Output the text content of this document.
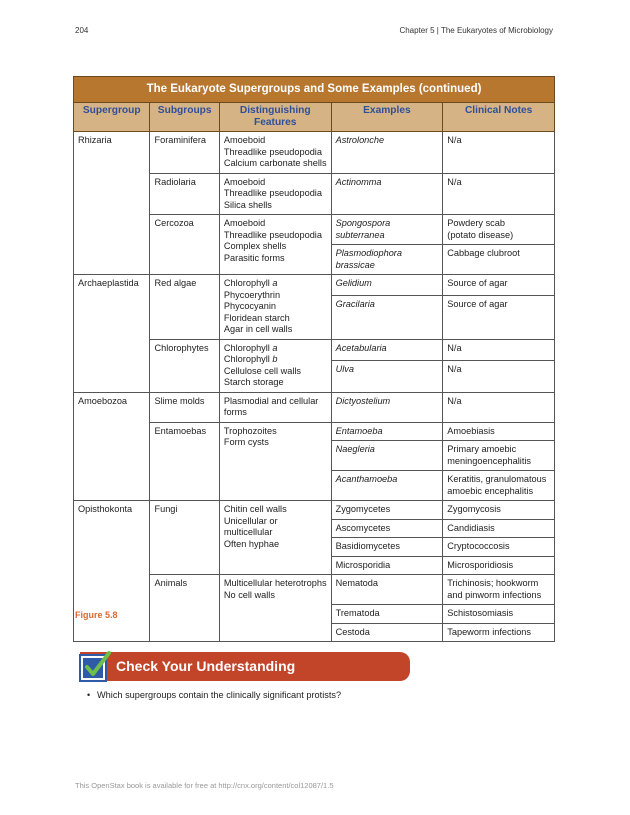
204	Chapter 5 | The Eukaryotes of Microbiology
The Eukaryote Supergroups and Some Examples (continued)				
Supergroup	Subgroups	Distinguishing Features	Examples	Clinical Notes
Rhizaria	Foraminifera	Amoeboid
Threadlike pseudopodia
Calcium carbonate shells	Astrolonche	N/a
	Radiolaria	Amoeboid
Threadlike pseudopodia
Silica shells	Actinomma	N/a
	Cercozoa	Amoeboid
Threadlike pseudopodia
Complex shells
Parasitic forms	Spongospora
subterranea	Powdery scab
(potato disease)

			Plasmodiophora
brassicae	Cabbage clubroot
Archaeplastida	Red algae	Chlorophyll a
Phycoerythrin
Phycocyanin
Floridean starch
Agar in cell walls	Gelidium	Source of agar
			Gracilaria	Source of agar
	Chlorophytes	Chlorophyll a
Chlorophyll b
Cellulose cell walls
Starch storage	Acetabularia	N/a
			Ulva	N/a
Amoebozoa	Slime molds	Plasmodial and cellular
forms	Dictyostelium	N/a
	Entamoebas	Trophozoites
Form cysts	Entamoeba	Amoebiasis
			Naegleria	Primary amoebic
meningoencephalitis

			Acanthamoeba	Keratitis, granulomatous
amoebic encephalitis

Opisthokonta	Fungi	Chitin cell walls
Unicellular or
multicellular
Often hyphae	Zygomycetes	Zygomycosis
			Ascomycetes	Candidiasis
			Basidiomycetes	Cryptococcosis
			Microsporidia	Microsporidiosis
	Animals	Multicellular heterotrophs
No cell walls	Nematoda	Trichinosis; hookworm
and pinworm infections

			Trematoda	Schistosomiasis
			Cestoda	Tapeworm infections
Figure 5.8
Check Your Understanding
• Which supergroups contain the clinically significant protists?
This OpenStax book is available for free at http://cnx.org/content/col12087/1.5
